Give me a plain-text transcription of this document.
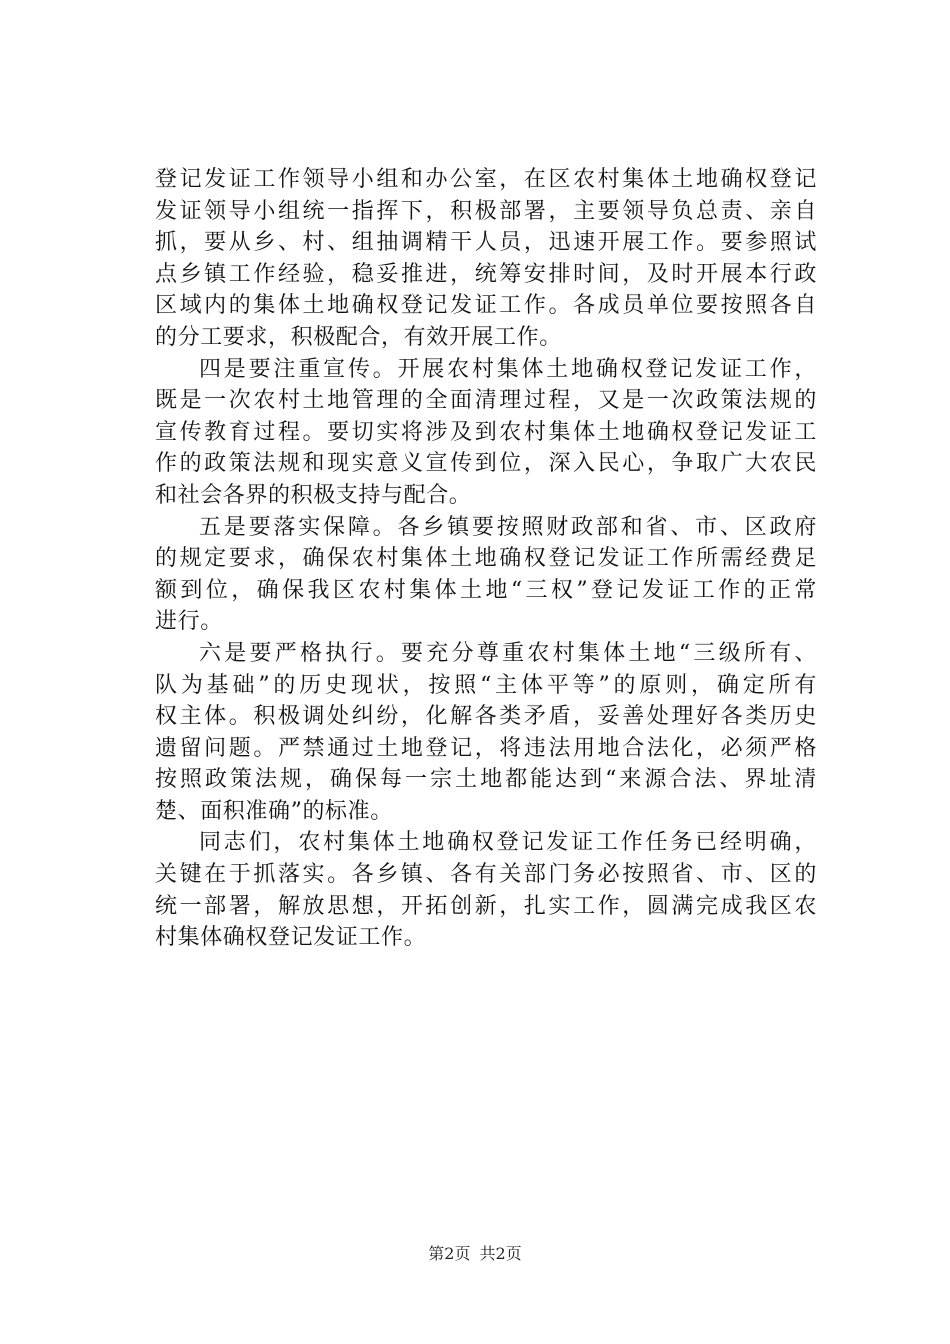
登记发证工作领导小组和办公室，在区农村集体土地确权登记
发证领导小组统一指挥下，积极部署，主要领导负总责、亲自
抓，要从乡、村、组抽调精干人员，迅速开展工作。要参照试
点乡镇工作经验，稳妥推进，统筹安排时间，及时开展本行政
区域内的集体土地确权登记发证工作。各成员单位要按照各自
的分工要求，积极配合，有效开展工作。
四是要注重宣传。开展农村集体土地确权登记发证工作，
既是一次农村土地管理的全面清理过程，又是一次政策法规的
宣传教育过程。要切实将涉及到农村集体土地确权登记发证工
作的政策法规和现实意义宣传到位，深入民心，争取广大农民
和社会各界的积极支持与配合。
五是要落实保障。各乡镇要按照财政部和省、市、区政府
的规定要求，确保农村集体土地确权登记发证工作所需经费足
额到位，确保我区农村集体土地“三权”登记发证工作的正常
进行。
六是要严格执行。要充分尊重农村集体土地“三级所有、
队为基础”的历史现状，按照“主体平等”的原则，确定所有
权主体。积极调处纠纷，化解各类矛盾，妥善处理好各类历史
遗留问题。严禁通过土地登记，将违法用地合法化，必须严格
按照政策法规，确保每一宗土地都能达到“来源合法、界址清
楚、面积准确”的标准。
同志们，农村集体土地确权登记发证工作任务已经明确，
关键在于抓落实。各乡镇、各有关部门务必按照省、市、区的
统一部署，解放思想，开拓创新，扎实工作，圆满完成我区农
村集体确权登记发证工作。
第2页 共2页
